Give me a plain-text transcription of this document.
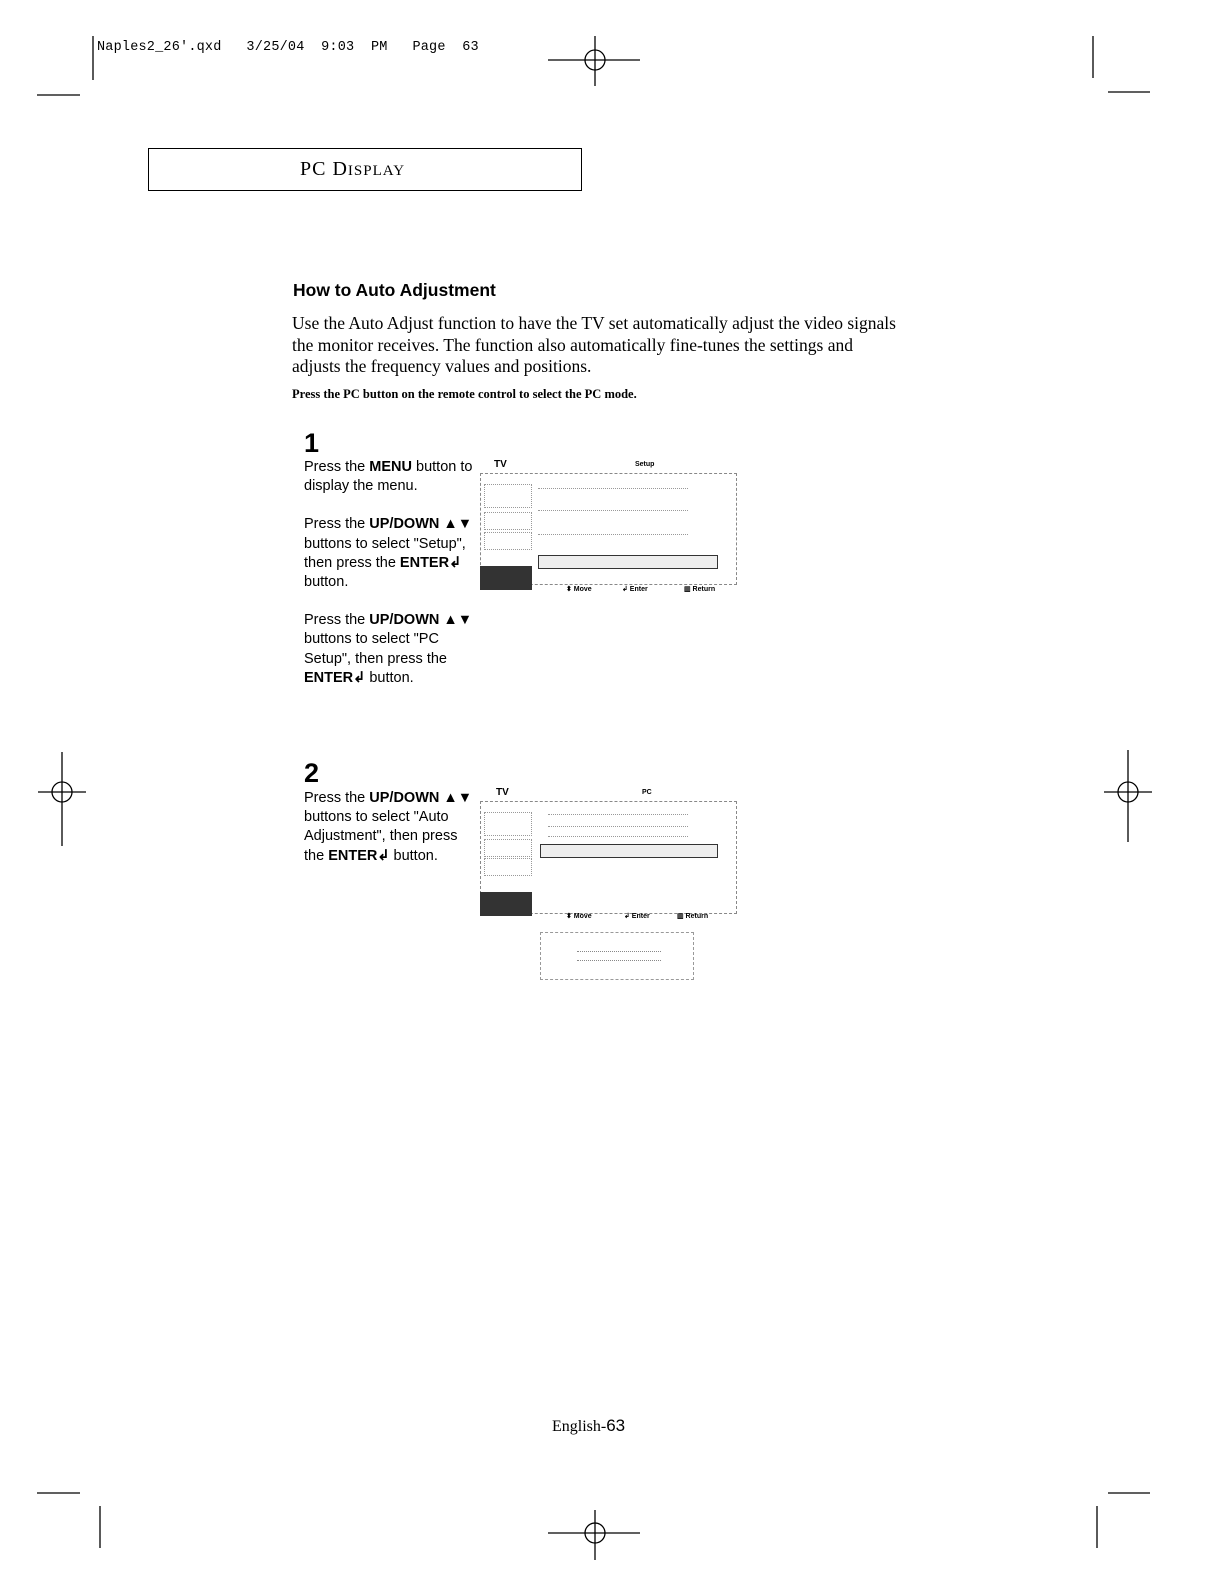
Naples2_26'.qxd   3/25/04  9:03  PM   Page  63
PC DISPLAY
How to Auto Adjustment
Use the Auto Adjust function to have the TV set automatically adjust the video signals
the monitor receives. The function also automatically fine-tunes the settings and
adjusts the frequency values and positions.
Press the PC button on the remote control to select the PC mode.
1

Press the MENU button to display the menu.

Press the UP/DOWN ▲▼ buttons to select "Setup", then press the ENTER↲ button.

Press the UP/DOWN ▲▼ buttons to select "PC Setup", then press the ENTER↲ button.

TV	Setup
⬍ Move	↲ Enter	▥ Return
2

Press the UP/DOWN ▲▼ buttons to select "Auto Adjustment", then press the ENTER↲ button.

TV	PC
⬍ Move	↲ Enter	▥ Return
English-63
